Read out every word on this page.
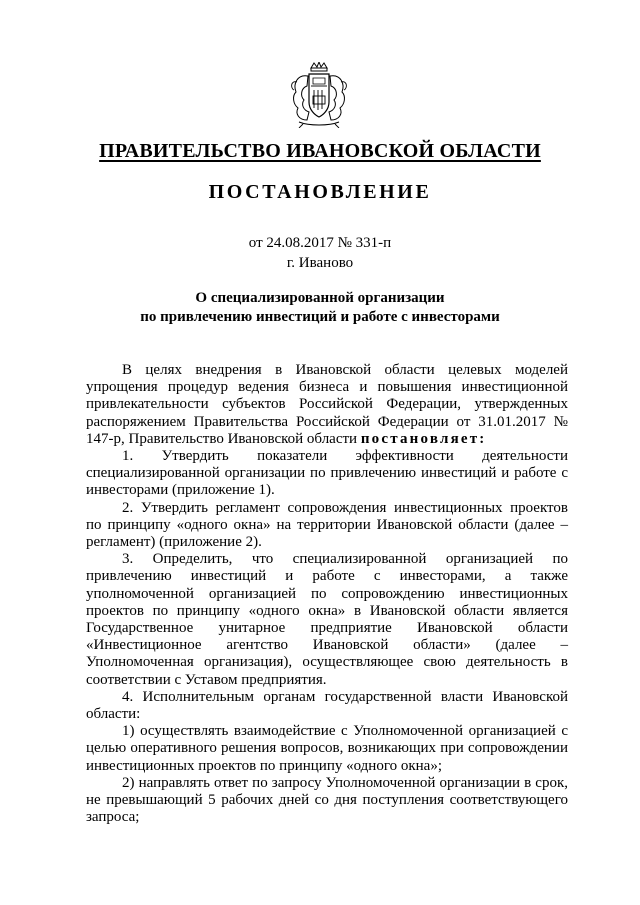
ПРАВИТЕЛЬСТВО ИВАНОВСКОЙ ОБЛАСТИ
ПОСТАНОВЛЕНИЕ
от 24.08.2017 № 331-п
г. Иваново
О специализированной организации
по привлечению инвестиций и работе с инвесторами

В целях внедрения в Ивановской области целевых моделей упрощения процедур ведения бизнеса и повышения инвестиционной привлекательности субъектов Российской Федерации, утвержденных распоряжением Правительства Российской Федерации от 31.01.2017 № 147-р, Правительство Ивановской области постановляет:

1. Утвердить показатели эффективности деятельности специализированной организации по привлечению инвестиций и работе с инвесторами (приложение 1).

2. Утвердить регламент сопровождения инвестиционных проектов по принципу «одного окна» на территории Ивановской области (далее – регламент) (приложение 2).

3. Определить, что специализированной организацией по привлечению инвестиций и работе с инвесторами, а также уполномоченной организацией по сопровождению инвестиционных проектов по принципу «одного окна» в Ивановской области является Государственное унитарное предприятие Ивановской области «Инвестиционное агентство Ивановской области» (далее – Уполномоченная организация), осуществляющее свою деятельность в соответствии с Уставом предприятия.

4. Исполнительным органам государственной власти Ивановской области:

1) осуществлять взаимодействие с Уполномоченной организацией с целью оперативного решения вопросов, возникающих при сопровождении инвестиционных проектов по принципу «одного окна»;

2) направлять ответ по запросу Уполномоченной организации в срок, не превышающий 5 рабочих дней со дня поступления соответствующего запроса;
